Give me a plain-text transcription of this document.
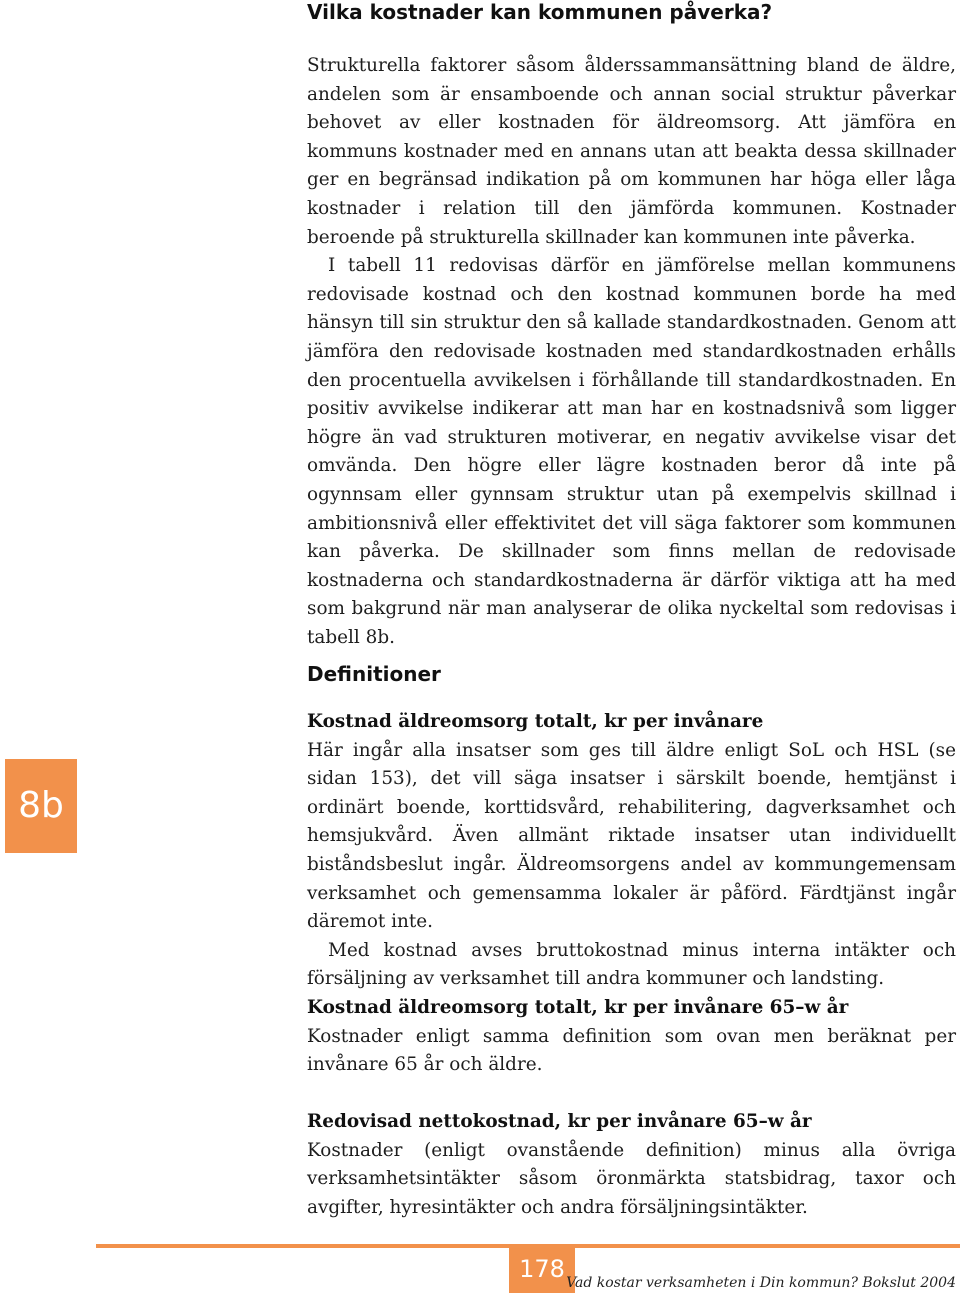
Vilka kostnader kan kommunen påverka?

Strukturella faktorer såsom ålderssammansättning bland de äldre, andelen som är ensamboende och annan social struktur påverkar behovet av eller kostnaden för äldreomsorg. Att jämföra en kommuns kostnader med en annans utan att beakta dessa skillnader ger en begränsad indikation på om kommunen har höga eller låga kostnader i relation till den jämförda kommunen. Kostnader beroende på strukturella skillnader kan kommunen inte påverka.

I tabell 11 redovisas därför en jämförelse mellan kommunens redovisade kostnad och den kostnad kommunen borde ha med hänsyn till sin struktur den så kallade standardkostnaden. Genom att jämföra den redovisade kostnaden med standardkostnaden erhålls den procentuella avvikelsen i förhållande till standardkostnaden. En positiv avvikelse indikerar att man har en kostnadsnivå som ligger högre än vad strukturen motiverar, en negativ avvikelse visar det omvända. Den högre eller lägre kostnaden beror då inte på ogynnsam eller gynnsam struktur utan på exempelvis skillnad i ambitionsnivå eller effektivitet det vill säga faktorer som kommunen kan påverka. De skillnader som finns mellan de redovisade kostnaderna och standardkostnaderna är därför viktiga att ha med som bakgrund när man analyserar de olika nyckeltal som redovisas i tabell 8b.

Definitioner
8b
Kostnad äldreomsorg totalt, kr per invånare

Här ingår alla insatser som ges till äldre enligt SoL och HSL (se sidan 153), det vill säga insatser i särskilt boende, hemtjänst i ordinärt boende, korttidsvård, rehabilitering, dagverksamhet och hemsjukvård. Även allmänt riktade insatser utan individuellt biståndsbeslut ingår. Äldreomsorgens andel av kommungemensam verksamhet och gemensamma lokaler är påförd. Färdtjänst ingår däremot inte.

Med kostnad avses bruttokostnad minus interna intäkter och försäljning av verksamhet till andra kommuner och landsting.

Kostnad äldreomsorg totalt, kr per invånare 65–w år

Kostnader enligt samma definition som ovan men beräknat per invånare 65 år och äldre.

Redovisad nettokostnad, kr per invånare 65–w år

Kostnader (enligt ovanstående definition) minus alla övriga verksamhetsintäkter såsom öronmärkta statsbidrag, taxor och avgifter, hyresintäkter och andra försäljningsintäkter.

178 Vad kostar verksamheten i Din kommun? Bokslut 2004
